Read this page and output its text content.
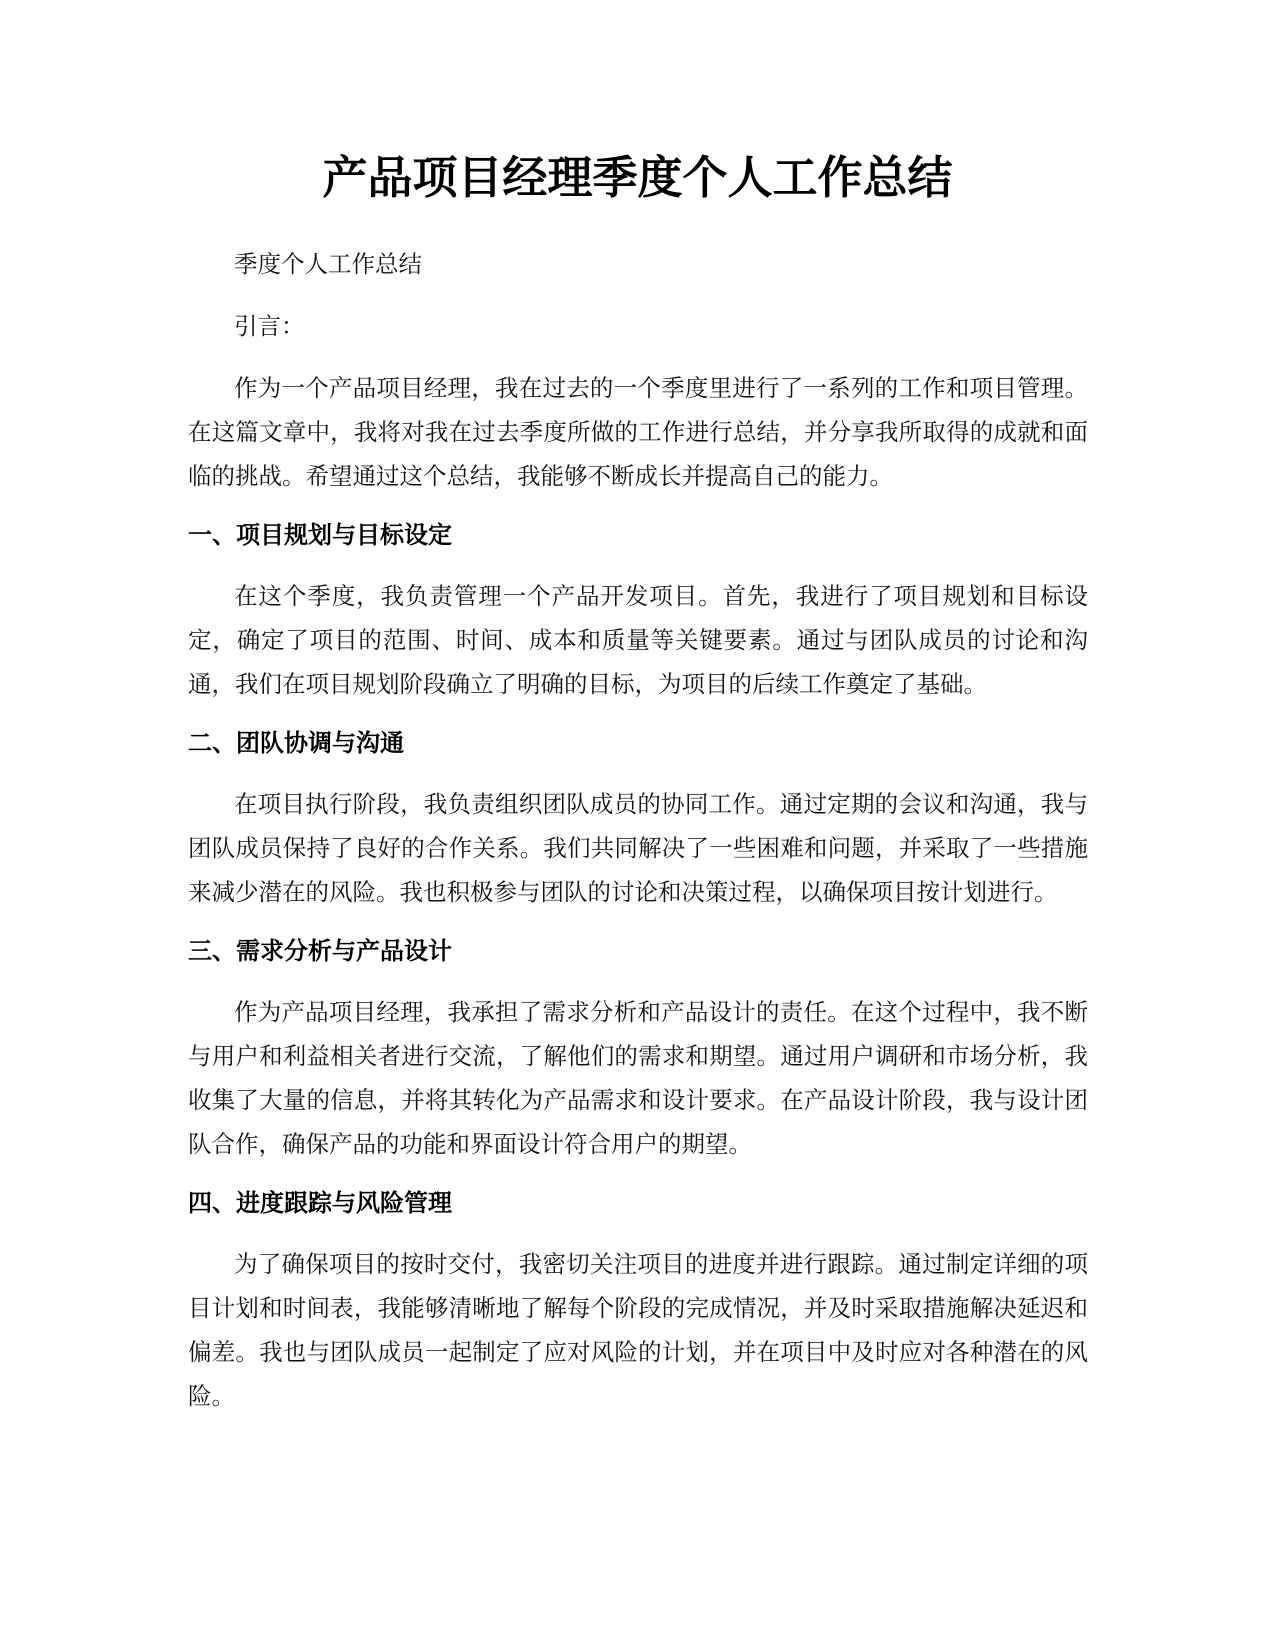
产品项目经理季度个人工作总结

季度个人工作总结

引言：

作为一个产品项目经理，我在过去的一个季度里进行了一系列的工作和项目管理。在这篇文章中，我将对我在过去季度所做的工作进行总结，并分享我所取得的成就和面临的挑战。希望通过这个总结，我能够不断成长并提高自己的能力。

一、项目规划与目标设定

在这个季度，我负责管理一个产品开发项目。首先，我进行了项目规划和目标设定，确定了项目的范围、时间、成本和质量等关键要素。通过与团队成员的讨论和沟通，我们在项目规划阶段确立了明确的目标，为项目的后续工作奠定了基础。

二、团队协调与沟通

在项目执行阶段，我负责组织团队成员的协同工作。通过定期的会议和沟通，我与团队成员保持了良好的合作关系。我们共同解决了一些困难和问题，并采取了一些措施来减少潜在的风险。我也积极参与团队的讨论和决策过程，以确保项目按计划进行。

三、需求分析与产品设计

作为产品项目经理，我承担了需求分析和产品设计的责任。在这个过程中，我不断与用户和利益相关者进行交流，了解他们的需求和期望。通过用户调研和市场分析，我收集了大量的信息，并将其转化为产品需求和设计要求。在产品设计阶段，我与设计团队合作，确保产品的功能和界面设计符合用户的期望。

四、进度跟踪与风险管理

为了确保项目的按时交付，我密切关注项目的进度并进行跟踪。通过制定详细的项目计划和时间表，我能够清晰地了解每个阶段的完成情况，并及时采取措施解决延迟和偏差。我也与团队成员一起制定了应对风险的计划，并在项目中及时应对各种潜在的风险。
